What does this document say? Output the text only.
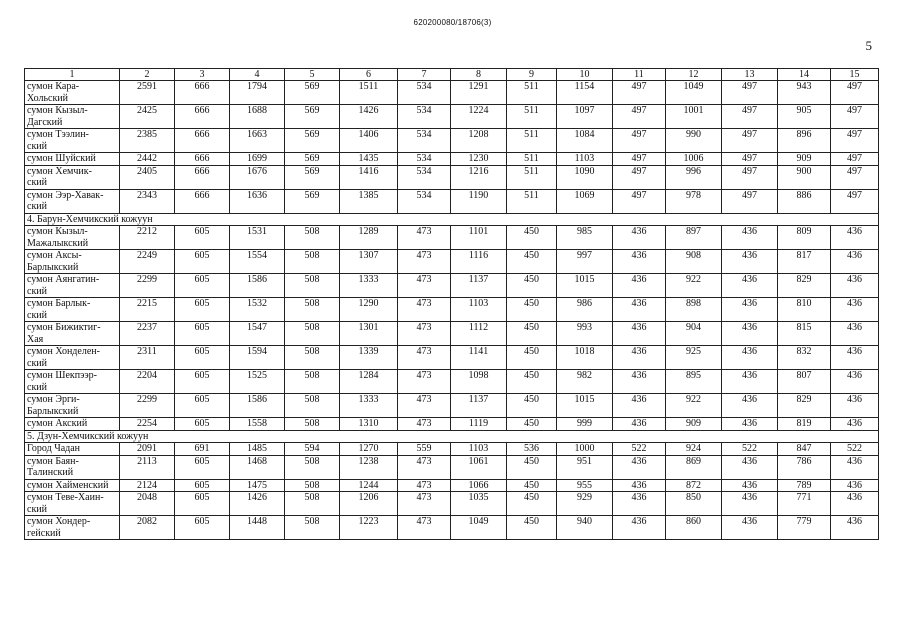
620200080/18706(3)
5
1	2	3	4	5	6	7	8	9	10	11	12	13	14	15
сумон Кара-
Хольский	2591	666	1794	569	1511	534	1291	511	1154	497	1049	497	943	497
сумон Кызыл-
Дагский	2425	666	1688	569	1426	534	1224	511	1097	497	1001	497	905	497
сумон Тээлин-
ский	2385	666	1663	569	1406	534	1208	511	1084	497	990	497	896	497
сумон Шуйский	2442	666	1699	569	1435	534	1230	511	1103	497	1006	497	909	497
сумон Хемчик-
ский	2405	666	1676	569	1416	534	1216	511	1090	497	996	497	900	497
сумон Ээр-Хавак-
ский	2343	666	1636	569	1385	534	1190	511	1069	497	978	497	886	497
4. Барун-Хемчикский кожуун														
сумон Кызыл-
Мажалыкский	2212	605	1531	508	1289	473	1101	450	985	436	897	436	809	436
сумон Аксы-
Барлыкский	2249	605	1554	508	1307	473	1116	450	997	436	908	436	817	436
сумон Аянгатин-
ский	2299	605	1586	508	1333	473	1137	450	1015	436	922	436	829	436
сумон Барлык-
ский	2215	605	1532	508	1290	473	1103	450	986	436	898	436	810	436
сумон Бижиктиг-
Хая	2237	605	1547	508	1301	473	1112	450	993	436	904	436	815	436
сумон Хонделен-
ский	2311	605	1594	508	1339	473	1141	450	1018	436	925	436	832	436
сумон Шекпээр-
ский	2204	605	1525	508	1284	473	1098	450	982	436	895	436	807	436
сумон Эрги-
Барлыкский	2299	605	1586	508	1333	473	1137	450	1015	436	922	436	829	436
сумон Акский	2254	605	1558	508	1310	473	1119	450	999	436	909	436	819	436
5. Дзун-Хемчикский кожуун														
Город Чадан	2091	691	1485	594	1270	559	1103	536	1000	522	924	522	847	522
сумон Баян-
Талинский	2113	605	1468	508	1238	473	1061	450	951	436	869	436	786	436
сумон Хайменский	2124	605	1475	508	1244	473	1066	450	955	436	872	436	789	436
сумон Теве-Хаин-
ский	2048	605	1426	508	1206	473	1035	450	929	436	850	436	771	436
сумон Хондер-
гейский	2082	605	1448	508	1223	473	1049	450	940	436	860	436	779	436
